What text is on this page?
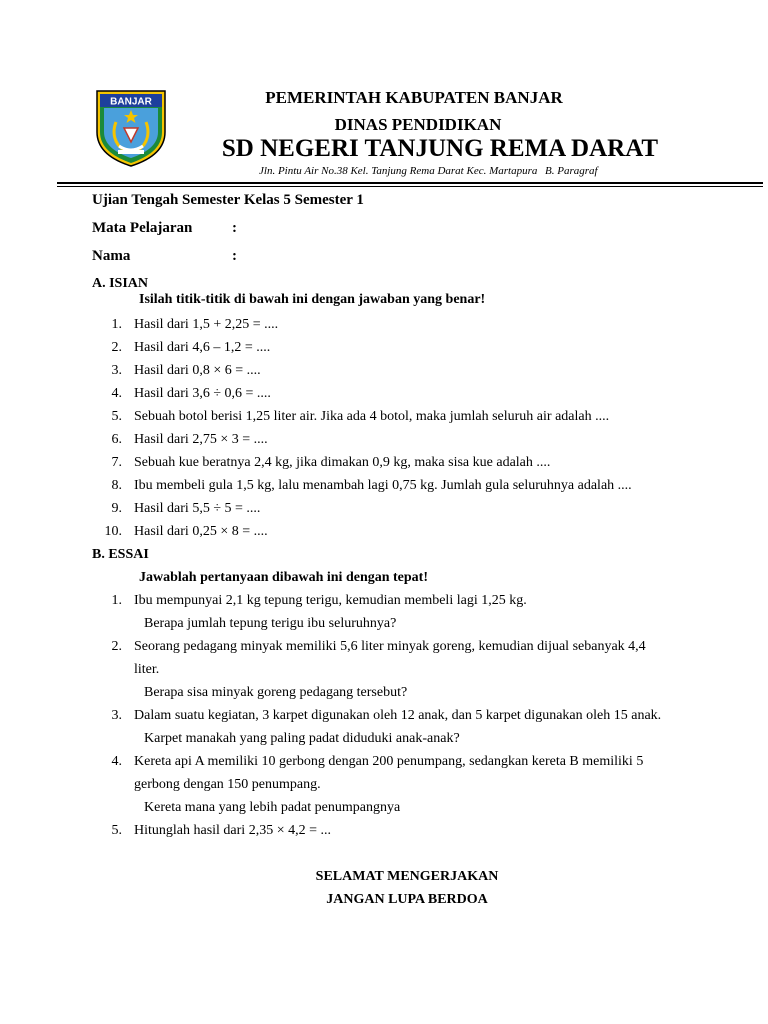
BANJAR	PEMERINTAH KABUPATEN BANJAR
DINAS PENDIDIKAN
SD NEGERI TANJUNG REMA DARAT
Jln. Pintu Air No.38 Kel. Tanjung Rema Darat Kec. Martapura B. Paragraf
Ujian Tengah Semester Kelas 5 Semester 1
Mata Pelajaran	:
Nama	:
A. ISIAN
Isilah titik-titik di bawah ini dengan jawaban yang benar!
1. Hasil dari 1,5 + 2,25 = ....
2. Hasil dari 4,6 – 1,2 = ....
3. Hasil dari 0,8 × 6 = ....
4. Hasil dari 3,6 ÷ 0,6 = ....
5. Sebuah botol berisi 1,25 liter air. Jika ada 4 botol, maka jumlah seluruh air adalah ....
6. Hasil dari 2,75 × 3 = ....
7. Sebuah kue beratnya 2,4 kg, jika dimakan 0,9 kg, maka sisa kue adalah ....
8. Ibu membeli gula 1,5 kg, lalu menambah lagi 0,75 kg. Jumlah gula seluruhnya adalah ....
9. Hasil dari 5,5 ÷ 5 = ....
10. Hasil dari 0,25 × 8 = ....
B. ESSAI
Jawablah pertanyaan dibawah ini dengan tepat!
1. Ibu mempunyai 2,1 kg tepung terigu, kemudian membeli lagi 1,25 kg.
Berapa jumlah tepung terigu ibu seluruhnya?
2. Seorang pedagang minyak memiliki 5,6 liter minyak goreng, kemudian dijual sebanyak 4,4
liter.
Berapa sisa minyak goreng pedagang tersebut?
3. Dalam suatu kegiatan, 3 karpet digunakan oleh 12 anak, dan 5 karpet digunakan oleh 15 anak.
Karpet manakah yang paling padat diduduki anak-anak?
4. Kereta api A memiliki 10 gerbong dengan 200 penumpang, sedangkan kereta B memiliki 5
gerbong dengan 150 penumpang.
Kereta mana yang lebih padat penumpangnya
5. Hitunglah hasil dari 2,35 × 4,2 = ...
SELAMAT MENGERJAKAN
JANGAN LUPA BERDOA
